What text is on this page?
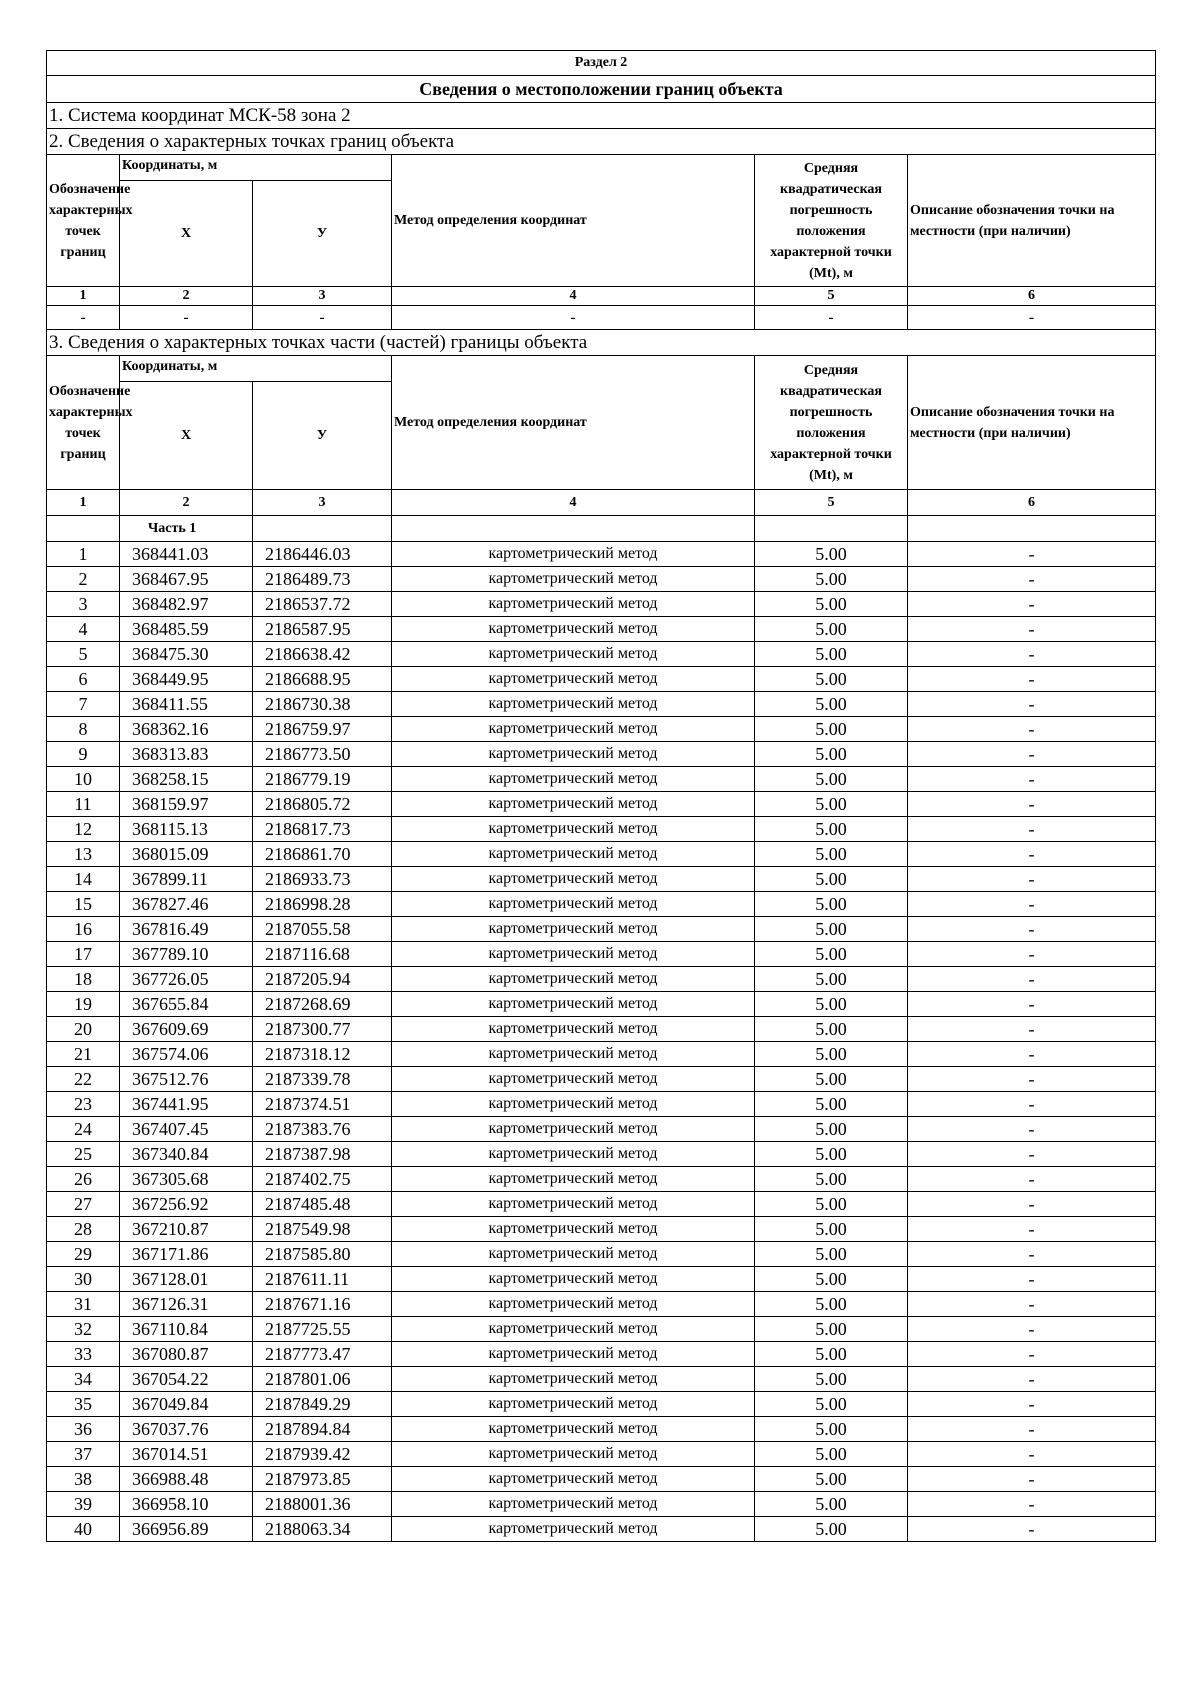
Раздел 2					
Сведения о местоположении границ объекта					
1. Система координат МСК-58 зона 2					
2. Сведения о характерных точках границ объекта					
Обозначение характерных точек границ	Координаты, м		Метод определения координат	Средняя квадратическая погрешность положения характерной точки (Mt), м	Описание обозначения точки на местности (при наличии)
	X	У			
1	2	3	4	5	6
-	-	-	-	-	-
3. Сведения о характерных точках части (частей) границы объекта					
Обозначение характерных точек границ	Координаты, м		Метод определения координат	Средняя квадратическая погрешность положения характерной точки (Mt), м	Описание обозначения точки на местности (при наличии)
	X	У			
1	2	3	4	5	6
	Часть 1				
1	368441.03	2186446.03	картометрический метод	5.00	-
2	368467.95	2186489.73	картометрический метод	5.00	-
3	368482.97	2186537.72	картометрический метод	5.00	-
4	368485.59	2186587.95	картометрический метод	5.00	-
5	368475.30	2186638.42	картометрический метод	5.00	-
6	368449.95	2186688.95	картометрический метод	5.00	-
7	368411.55	2186730.38	картометрический метод	5.00	-
8	368362.16	2186759.97	картометрический метод	5.00	-
9	368313.83	2186773.50	картометрический метод	5.00	-
10	368258.15	2186779.19	картометрический метод	5.00	-
11	368159.97	2186805.72	картометрический метод	5.00	-
12	368115.13	2186817.73	картометрический метод	5.00	-
13	368015.09	2186861.70	картометрический метод	5.00	-
14	367899.11	2186933.73	картометрический метод	5.00	-
15	367827.46	2186998.28	картометрический метод	5.00	-
16	367816.49	2187055.58	картометрический метод	5.00	-
17	367789.10	2187116.68	картометрический метод	5.00	-
18	367726.05	2187205.94	картометрический метод	5.00	-
19	367655.84	2187268.69	картометрический метод	5.00	-
20	367609.69	2187300.77	картометрический метод	5.00	-
21	367574.06	2187318.12	картометрический метод	5.00	-
22	367512.76	2187339.78	картометрический метод	5.00	-
23	367441.95	2187374.51	картометрический метод	5.00	-
24	367407.45	2187383.76	картометрический метод	5.00	-
25	367340.84	2187387.98	картометрический метод	5.00	-
26	367305.68	2187402.75	картометрический метод	5.00	-
27	367256.92	2187485.48	картометрический метод	5.00	-
28	367210.87	2187549.98	картометрический метод	5.00	-
29	367171.86	2187585.80	картометрический метод	5.00	-
30	367128.01	2187611.11	картометрический метод	5.00	-
31	367126.31	2187671.16	картометрический метод	5.00	-
32	367110.84	2187725.55	картометрический метод	5.00	-
33	367080.87	2187773.47	картометрический метод	5.00	-
34	367054.22	2187801.06	картометрический метод	5.00	-
35	367049.84	2187849.29	картометрический метод	5.00	-
36	367037.76	2187894.84	картометрический метод	5.00	-
37	367014.51	2187939.42	картометрический метод	5.00	-
38	366988.48	2187973.85	картометрический метод	5.00	-
39	366958.10	2188001.36	картометрический метод	5.00	-
40	366956.89	2188063.34	картометрический метод	5.00	-
